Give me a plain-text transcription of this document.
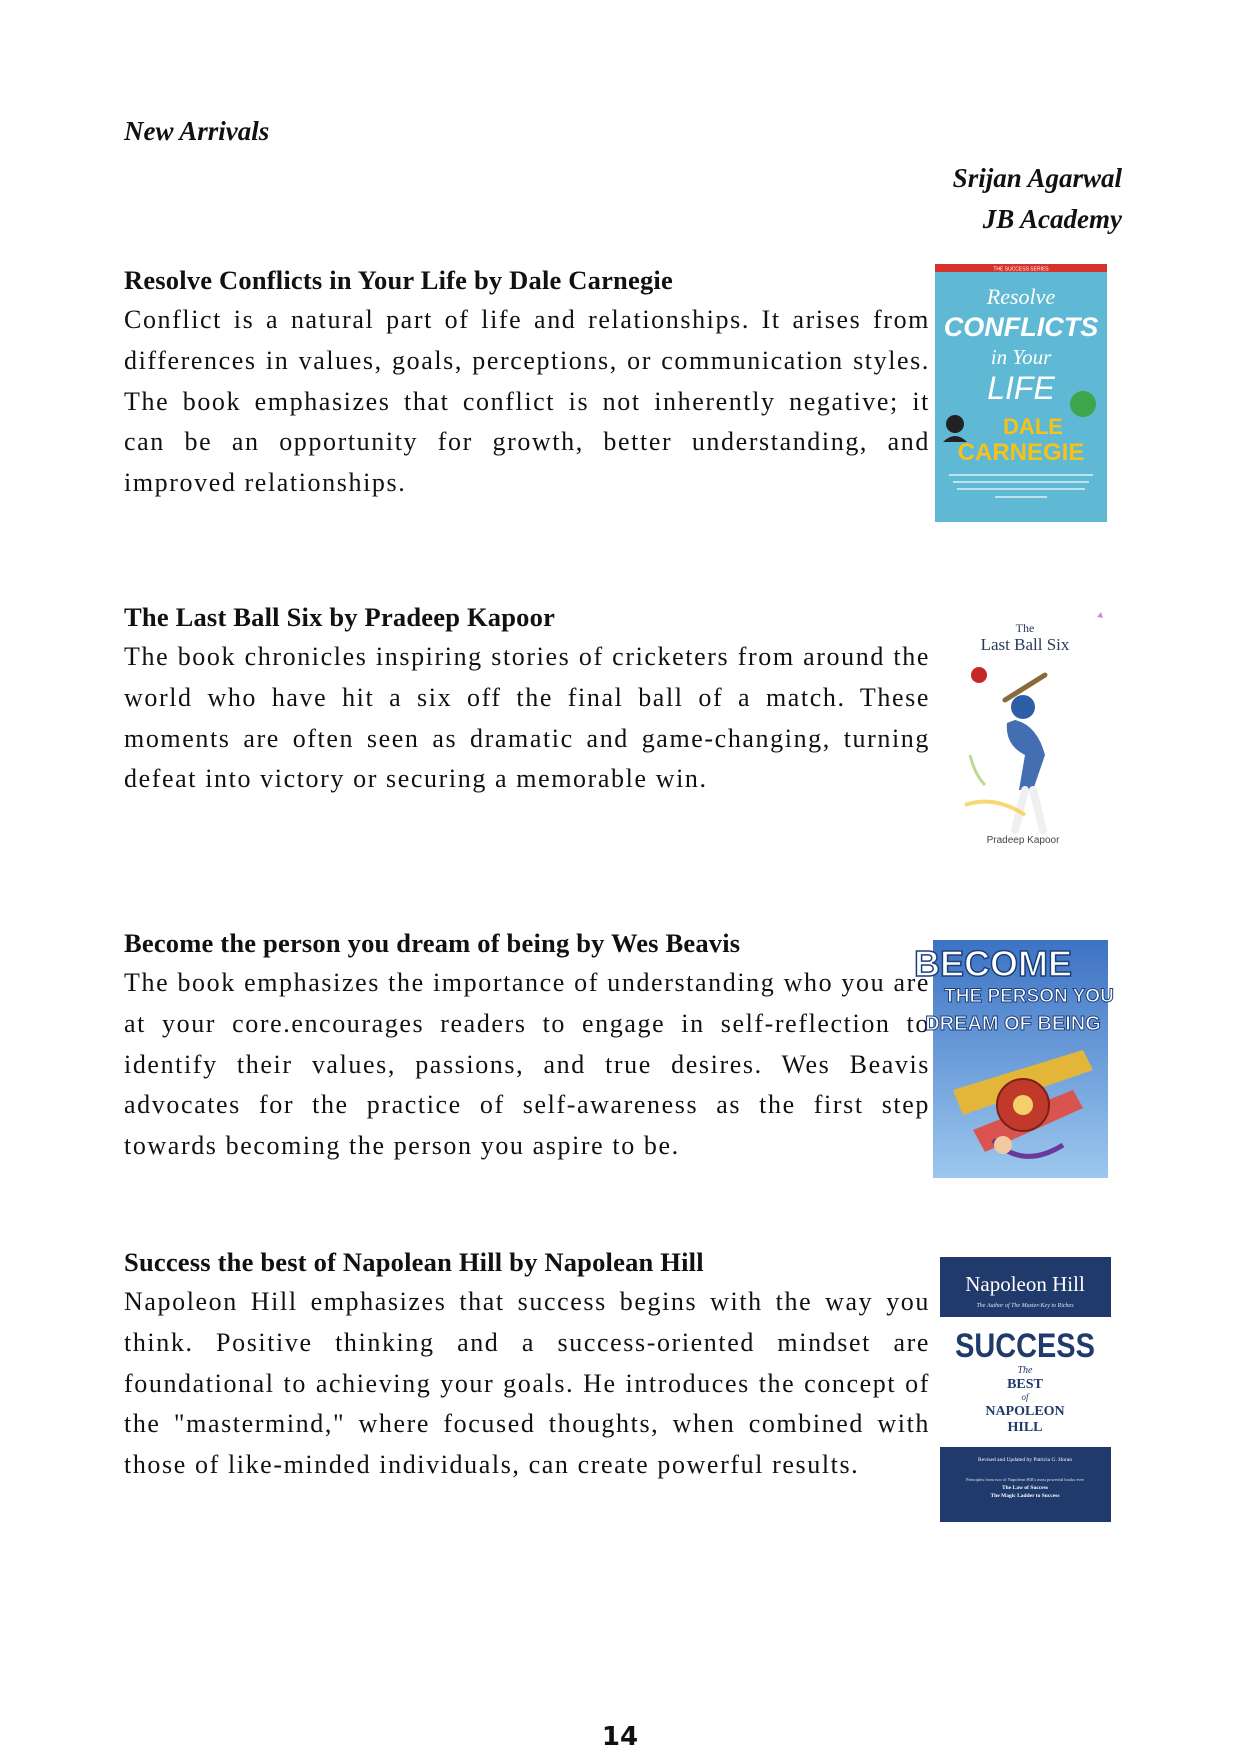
New Arrivals
Srijan Agarwal
JB Academy
Resolve Conflicts in Your Life by Dale Carnegie

Conflict is a natural part of life and relationships. It arises from differences in values, goals, perceptions, or communication styles. The book emphasizes that conflict is not inherently negative; it can be an opportunity for growth, better understanding, and improved relationships.

THE SUCCESS SERIES
Resolve
CONFLICTS
in Your
LIFE
DALE
CARNEGIE
The Last Ball Six by Pradeep Kapoor

The book chronicles inspiring stories of cricketers from around the world who have hit a six off the final ball of a match. These moments are often seen as dramatic and game-changing, turning defeat into victory or securing a memorable win.

The
Last Ball Six
Pradeep Kapoor
Become the person you dream of being by Wes Beavis

The book emphasizes the importance of understanding who you are at your core.encourages readers to engage in self-reflection to identify their values, passions, and true desires. Wes Beavis advocates for the practice of self-awareness as the first step towards becoming the person you aspire to be.

BECOME
THE PERSON YOU
DREAM OF BEING
Success the best of Napolean Hill by Napolean Hill

Napoleon Hill emphasizes that success begins with the way you think. Positive thinking and a success-oriented mindset are foundational to achieving your goals. He introduces the concept of the "mastermind," where focused thoughts, when combined with those of like-minded individuals, can create powerful results.

Napoleon Hill
The Author of The Master-Key to Riches
SUCCESS
The
BEST
of
NAPOLEON
HILL
Revised and Updated by Patricia G. Horan
Principles from two of Napoleon Hill's most powerful books ever
The Law of Success
The Magic Ladder to Success
14
